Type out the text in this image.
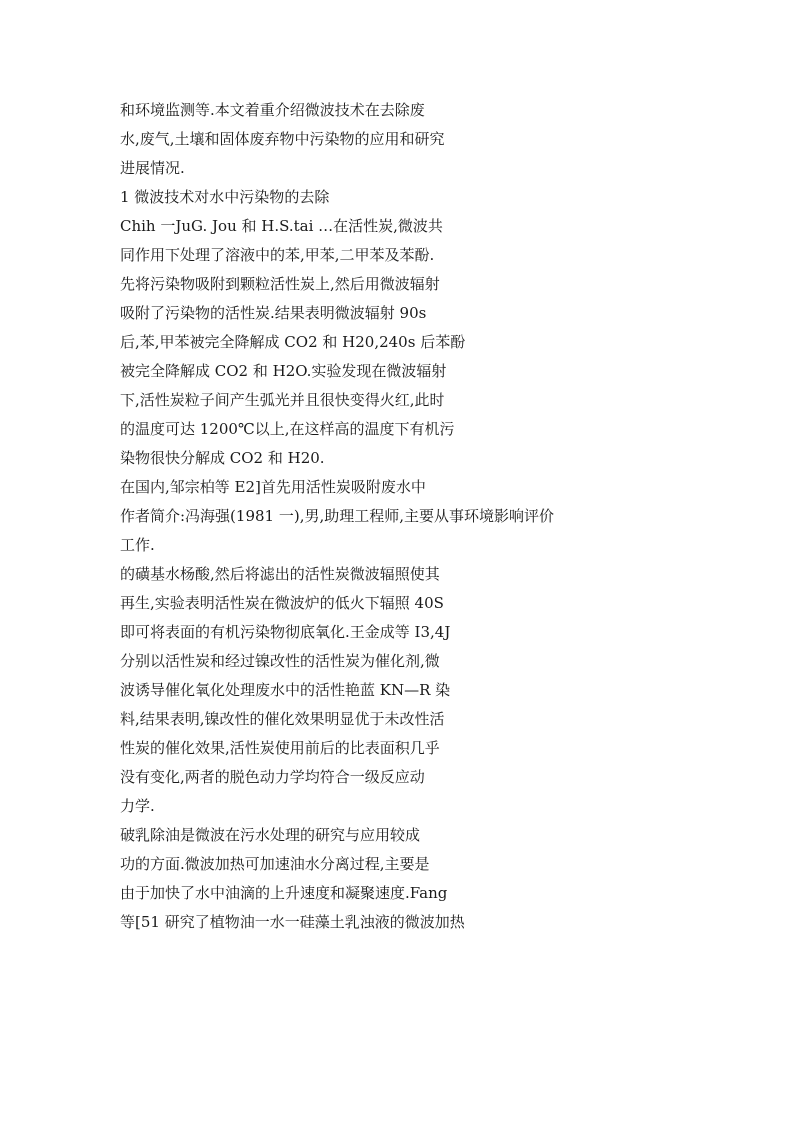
和环境监测等.本文着重介绍微波技术在去除废
水,废气,土壤和固体废弃物中污染物的应用和研究
进展情况.
1 微波技术对水中污染物的去除
Chih 一JuG. Jou 和 H.S.tai …在活性炭,微波共
同作用下处理了溶液中的苯,甲苯,二甲苯及苯酚.
先将污染物吸附到颗粒活性炭上,然后用微波辐射
吸附了污染物的活性炭.结果表明微波辐射 90s
后,苯,甲苯被完全降解成 CO2 和 H20,240s 后苯酚
被完全降解成 CO2 和 H2O.实验发现在微波辐射
下,活性炭粒子间产生弧光并且很快变得火红,此时
的温度可达 1200℃以上,在这样高的温度下有机污
染物很快分解成 CO2 和 H20.
在国内,邹宗柏等 E2]首先用活性炭吸附废水中
作者简介:冯海强(1981 一),男,助理工程师,主要从事环境影响评价
工作.
的磺基水杨酸,然后将滤出的活性炭微波辐照使其
再生,实验表明活性炭在微波炉的低火下辐照 40S
即可将表面的有机污染物彻底氧化.王金成等 I3,4J
分别以活性炭和经过镍改性的活性炭为催化剂,微
波诱导催化氧化处理废水中的活性艳蓝 KN—R 染
料,结果表明,镍改性的催化效果明显优于未改性活
性炭的催化效果,活性炭使用前后的比表面积几乎
没有变化,两者的脱色动力学均符合一级反应动
力学.
破乳除油是微波在污水处理的研究与应用较成
功的方面.微波加热可加速油水分离过程,主要是
由于加快了水中油滴的上升速度和凝聚速度.Fang
等[51 研究了植物油一水一硅藻土乳浊液的微波加热
